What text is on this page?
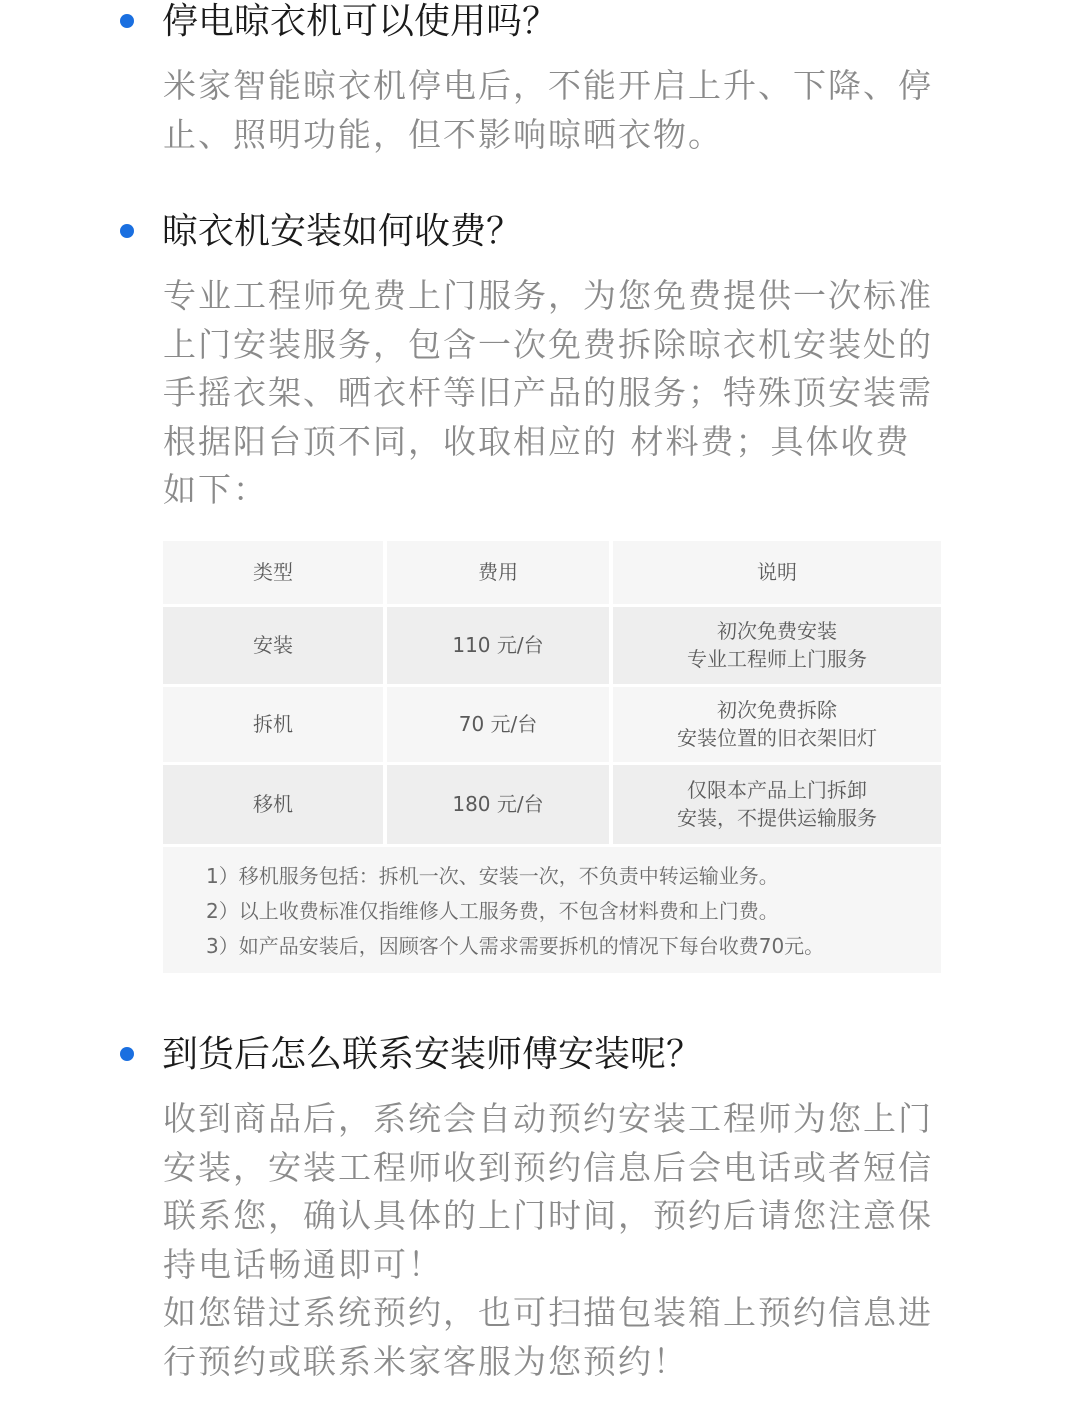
停电晾衣机可以使用吗？

米家智能晾衣机停电后，不能开启上升、下降、停止、照明功能，但不影响晾晒衣物。

晾衣机安装如何收费？

专业工程师免费上门服务，为您免费提供一次标准上门安装服务，包含一次免费拆除晾衣机安装处的手摇衣架、晒衣杆等旧产品的服务；特殊顶安装需根据阳台顶不同，收取相应的 材料费；具体收费如下：

类型	费用	说明
安装	110 元/台	初次免费安装
专业工程师上门服务

拆机	70 元/台	初次免费拆除
安装位置的旧衣架旧灯

移机	180 元/台	仅限本产品上门拆卸
安装，不提供运输服务
1）移机服务包括：拆机一次、安装一次，不负责中转运输业务。
2）以上收费标准仅指维修人工服务费，不包含材料费和上门费。
3）如产品安装后，因顾客个人需求需要拆机的情况下每台收费70元。
到货后怎么联系安装师傅安装呢？

收到商品后，系统会自动预约安装工程师为您上门安装，安装工程师收到预约信息后会电话或者短信联系您，确认具体的上门时间，预约后请您注意保持电话畅通即可！

如您错过系统预约，也可扫描包装箱上预约信息进行预约或联系米家客服为您预约！
